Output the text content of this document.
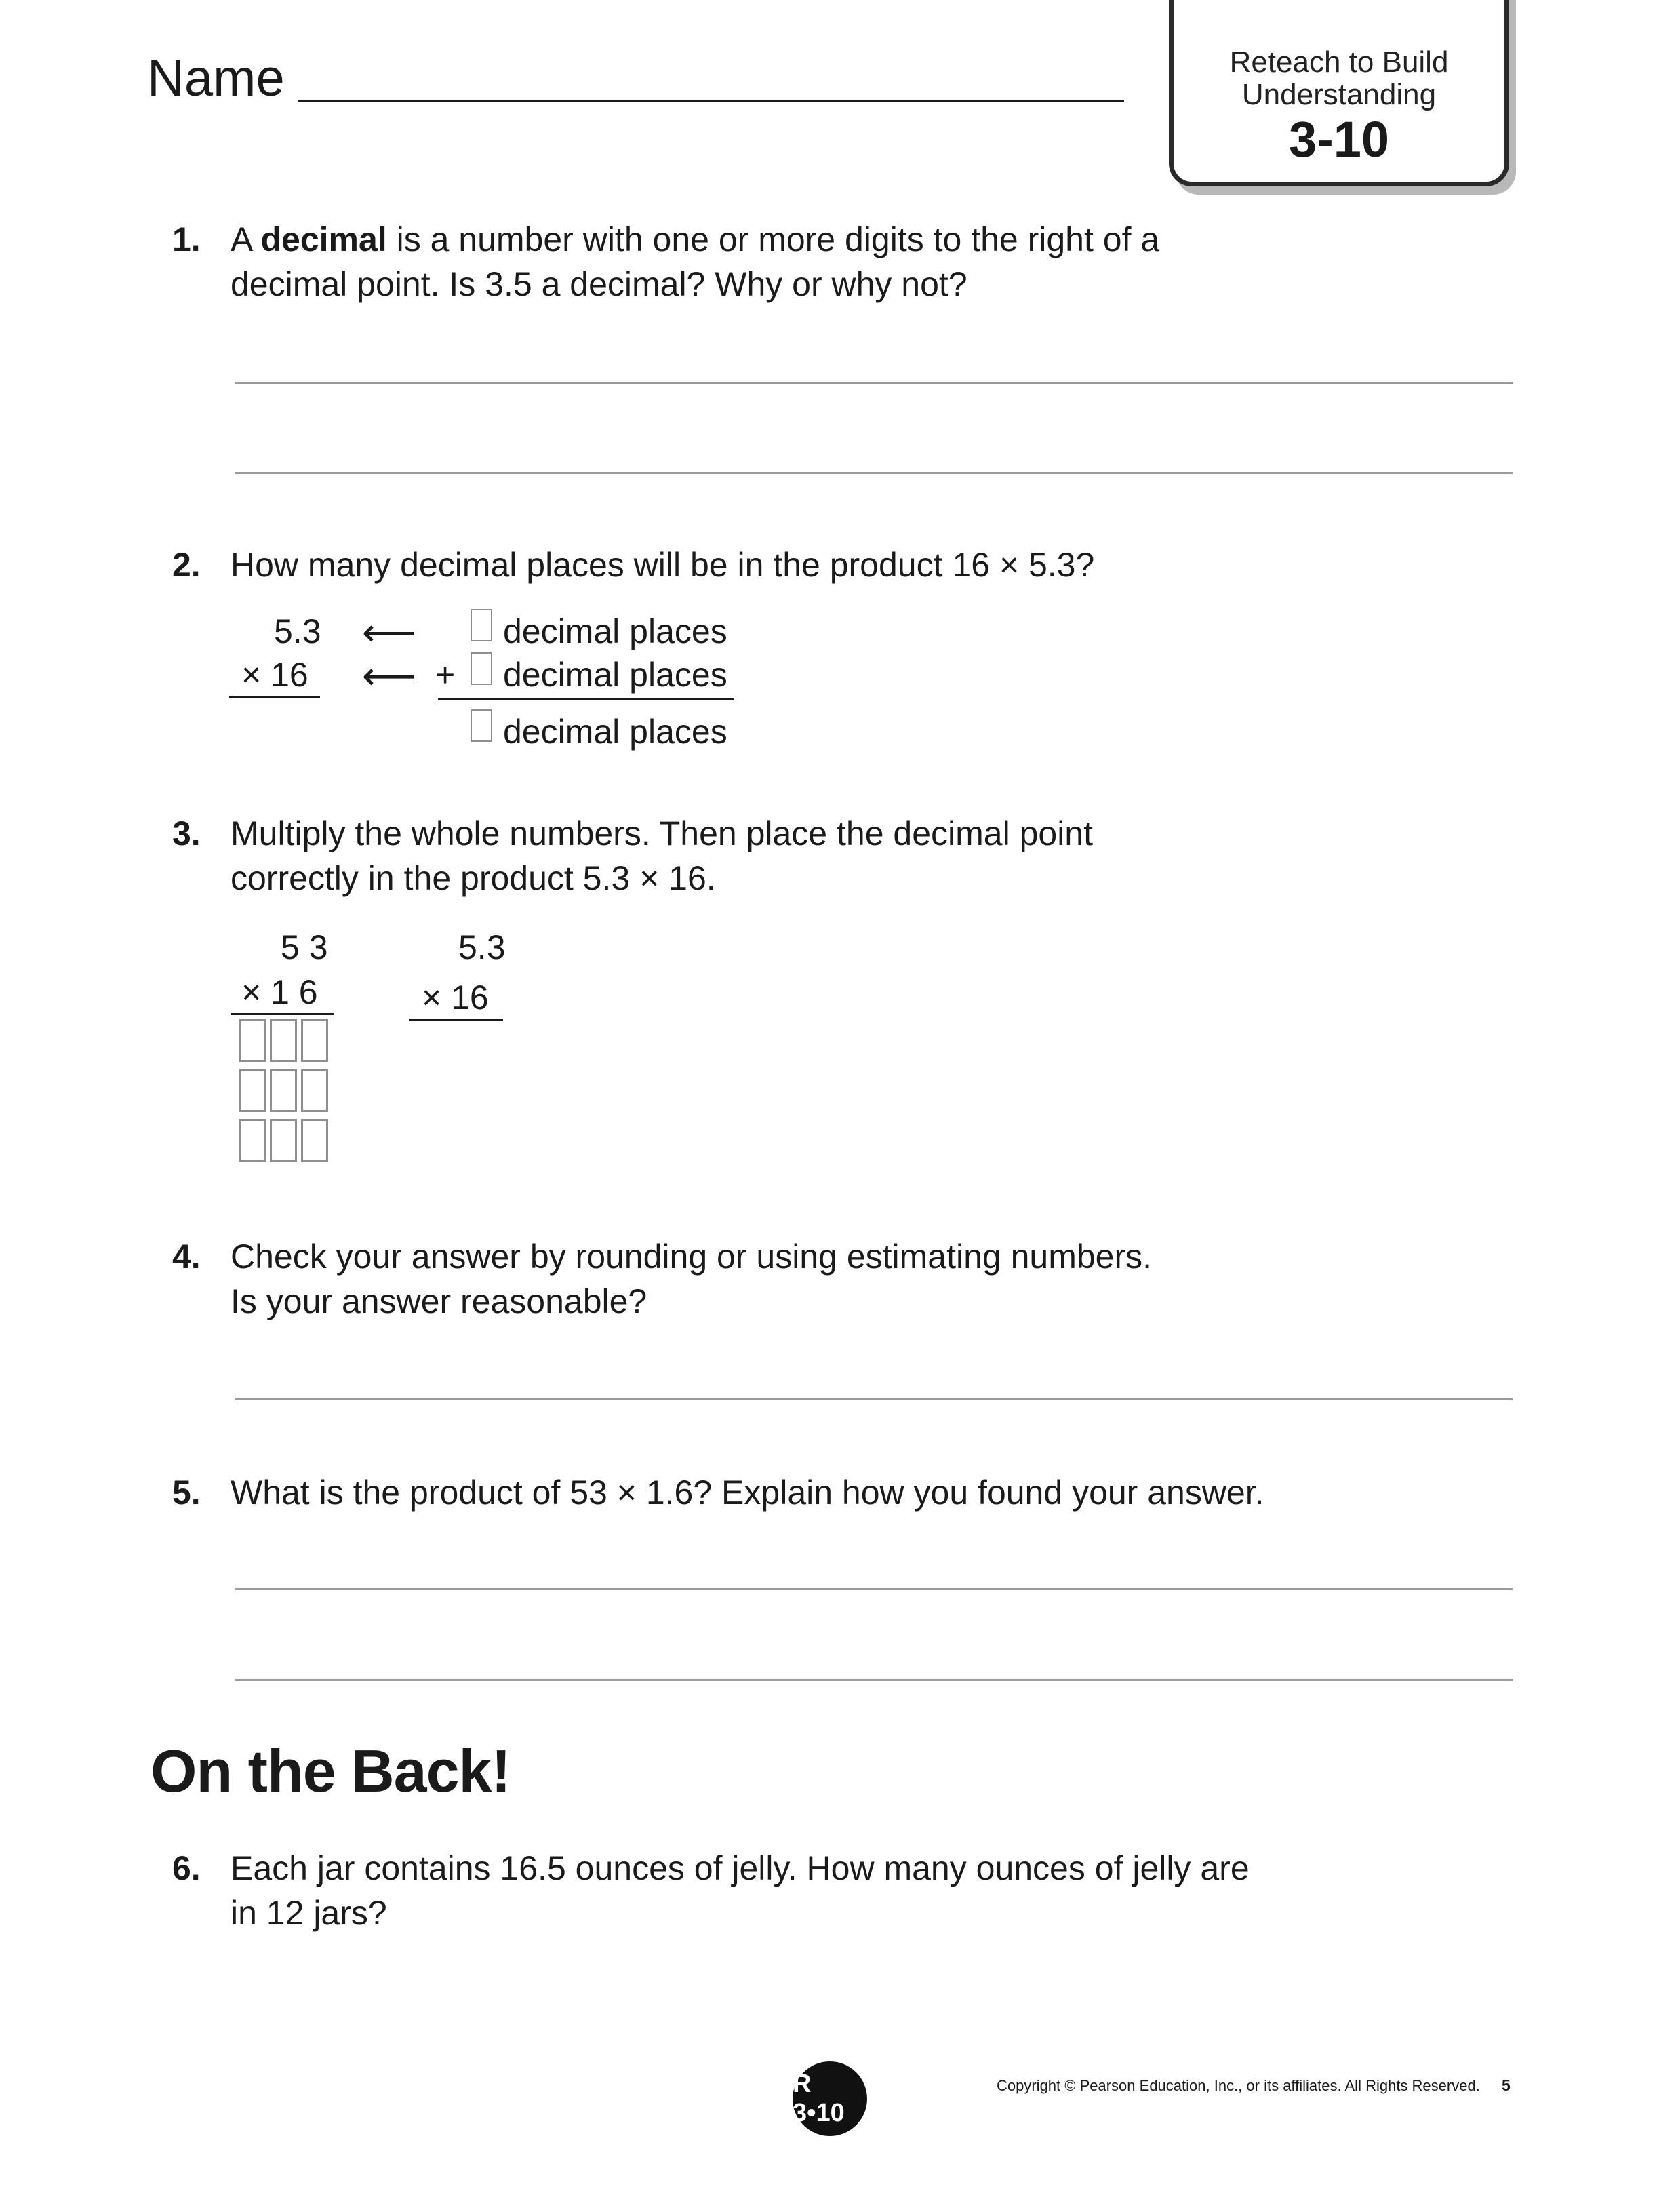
Name	Reteach to Build
Understanding
3-10
1. A decimal is a number with one or more digits to the right of a
decimal point. Is 3.5 a decimal? Why or why not?
2. How many decimal places will be in the product 16 × 5.3?
5.3
× 16
⟵
⟵
decimal places
+ decimal places
decimal places
3. Multiply the whole numbers. Then place the decimal point
correctly in the product 5.3 × 16.
5 3
× 1 6
5.3
× 16
4. Check your answer by rounding or using estimating numbers.
Is your answer reasonable?
5. What is the product of 53 × 1.6? Explain how you found your answer.
On the Back!
6. Each jar contains 16.5 ounces of jelly. How many ounces of jelly are
in 12 jars?
R 3•10
Copyright © Pearson Education, Inc., or its affiliates. All Rights Reserved. 5
